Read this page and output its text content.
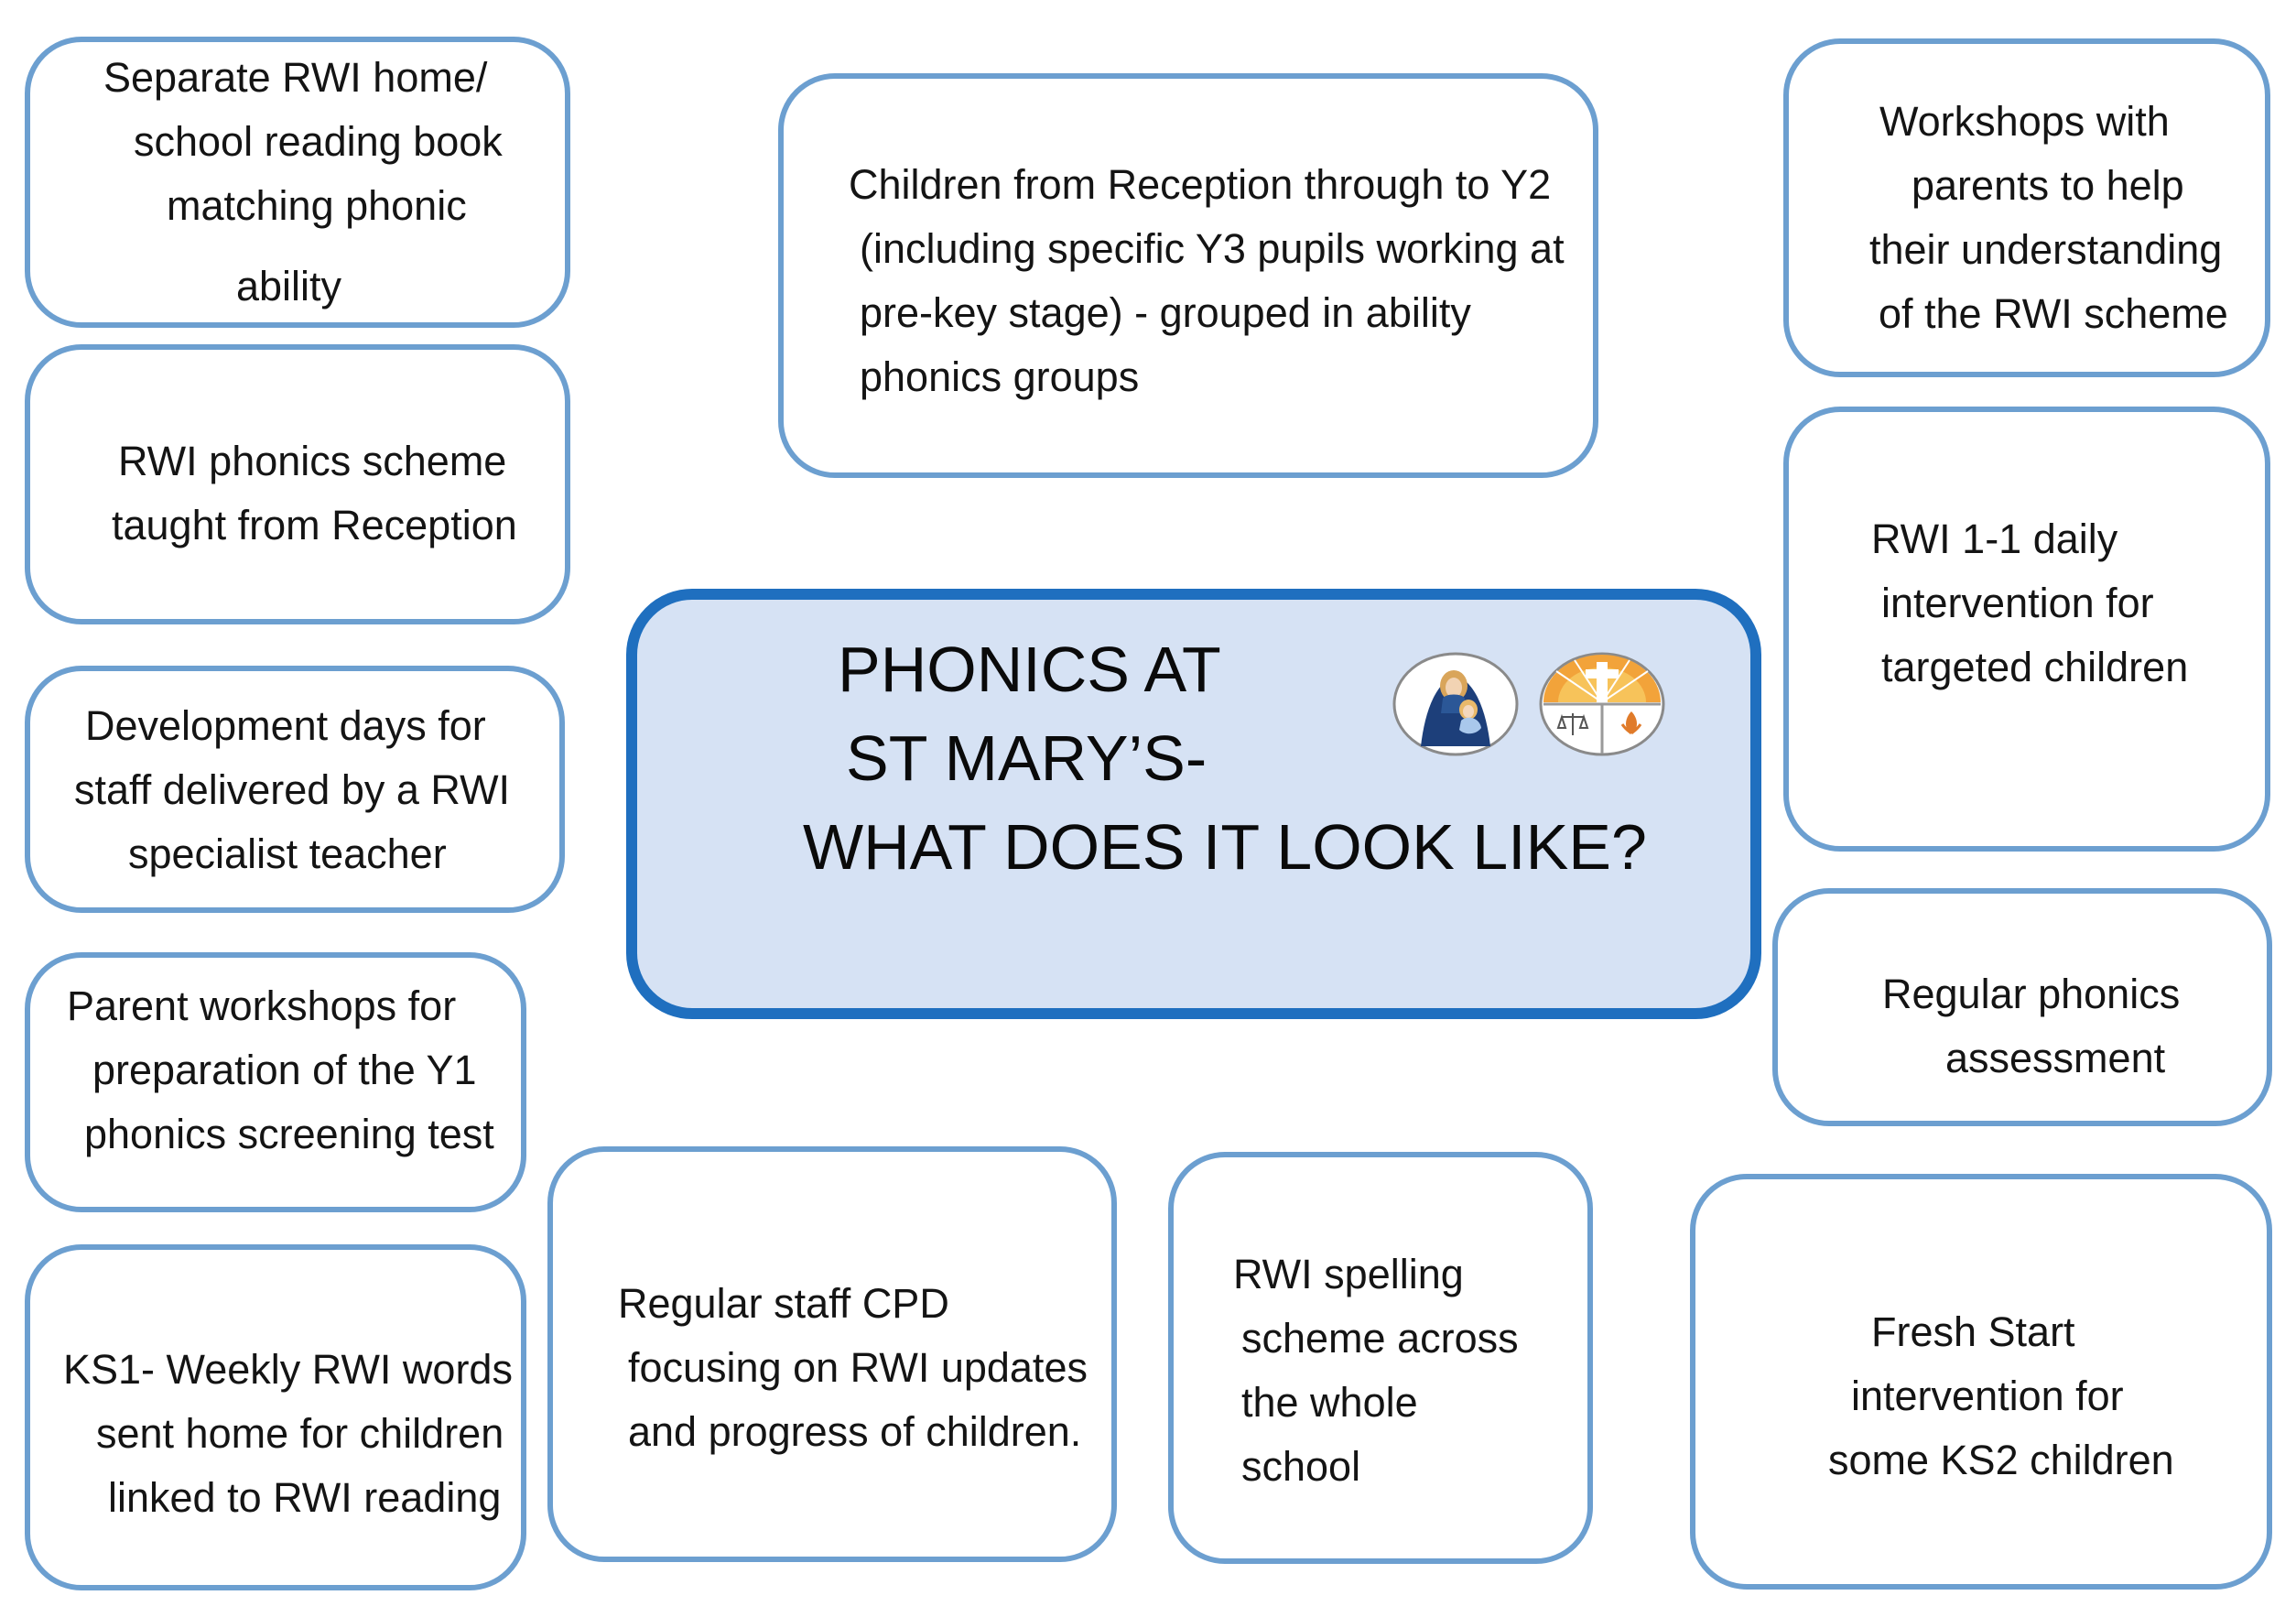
Separate RWI home/

school reading book

matching phonic

ability

RWI phonics scheme

taught from Reception

Development days for

staff delivered by a RWI

specialist teacher

Parent workshops for

preparation of the Y1

phonics screening test

KS1- Weekly RWI words

sent home for children

linked to RWI reading

Children from Reception through to Y2

(including specific Y3 pupils working at

pre-key stage) - grouped in ability

phonics groups

PHONICS AT

ST MARY’S-

WHAT DOES IT LOOK LIKE?

Regular staff CPD

focusing on RWI updates

and progress of children.

RWI spelling

scheme across

the whole

school

Workshops with

parents to help

their understanding

of the RWI scheme

RWI 1-1 daily

intervention for

targeted children

Regular phonics

assessment

Fresh Start

intervention for

some KS2 children
